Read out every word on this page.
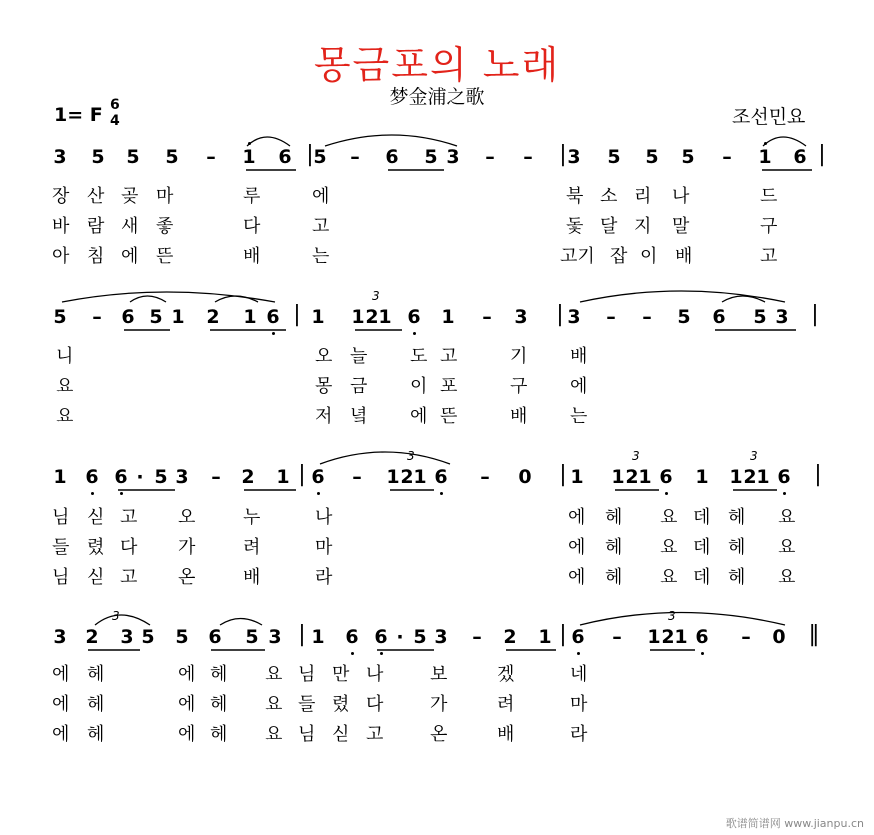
몽금포의 노래
梦金浦之歌
1= F 6
4	조선민요
3 5 5 5 – 1 6 | 5 – 6 5 3 – – | 3 5 5 5 – 1 6 |
장 산 곶 마	루	에	북 소 리 나	드
바 람 새 좋	다	고	돛 달 지 말	구
아 침 에 뜬	배	는	고기 잡 이 배	고
5 – 6 5 1 2 1 6 | 1 1 2 1 6 1 – 3 | 3 – – 5 6 5 3 |
니	오 늘 도 고	기 배
요	몽 금 이 포	구 에
요	저 녘 에 뜬	배 는
1 6 6 · 5 3 – 2 1 | 6 – 1 2 1 6 – 0 | 1 1 2 1 6 1 1 2 1 6 |
님 싣 고 오	누	나	에 헤 요 데 헤 요
들 렸 다 가	려	마	에 헤 요 데 헤 요
님 싣 고 온	배	라	에 헤 요 데 헤 요
3 2 3 5 5 6 5 3 | 1 6 6 · 5 3 – 2 1 | 6 – 1 2 1 6 – 0 ‖
에 헤	에 헤 요 님 만 나	보	겠	네
에 헤	에 헤 요 들 렸 다	가	려	마
에 헤	에 헤 요 님 싣 고	온	배	라
3
3	3	3
3	3
歌谱简谱网 www.jianpu.cn
